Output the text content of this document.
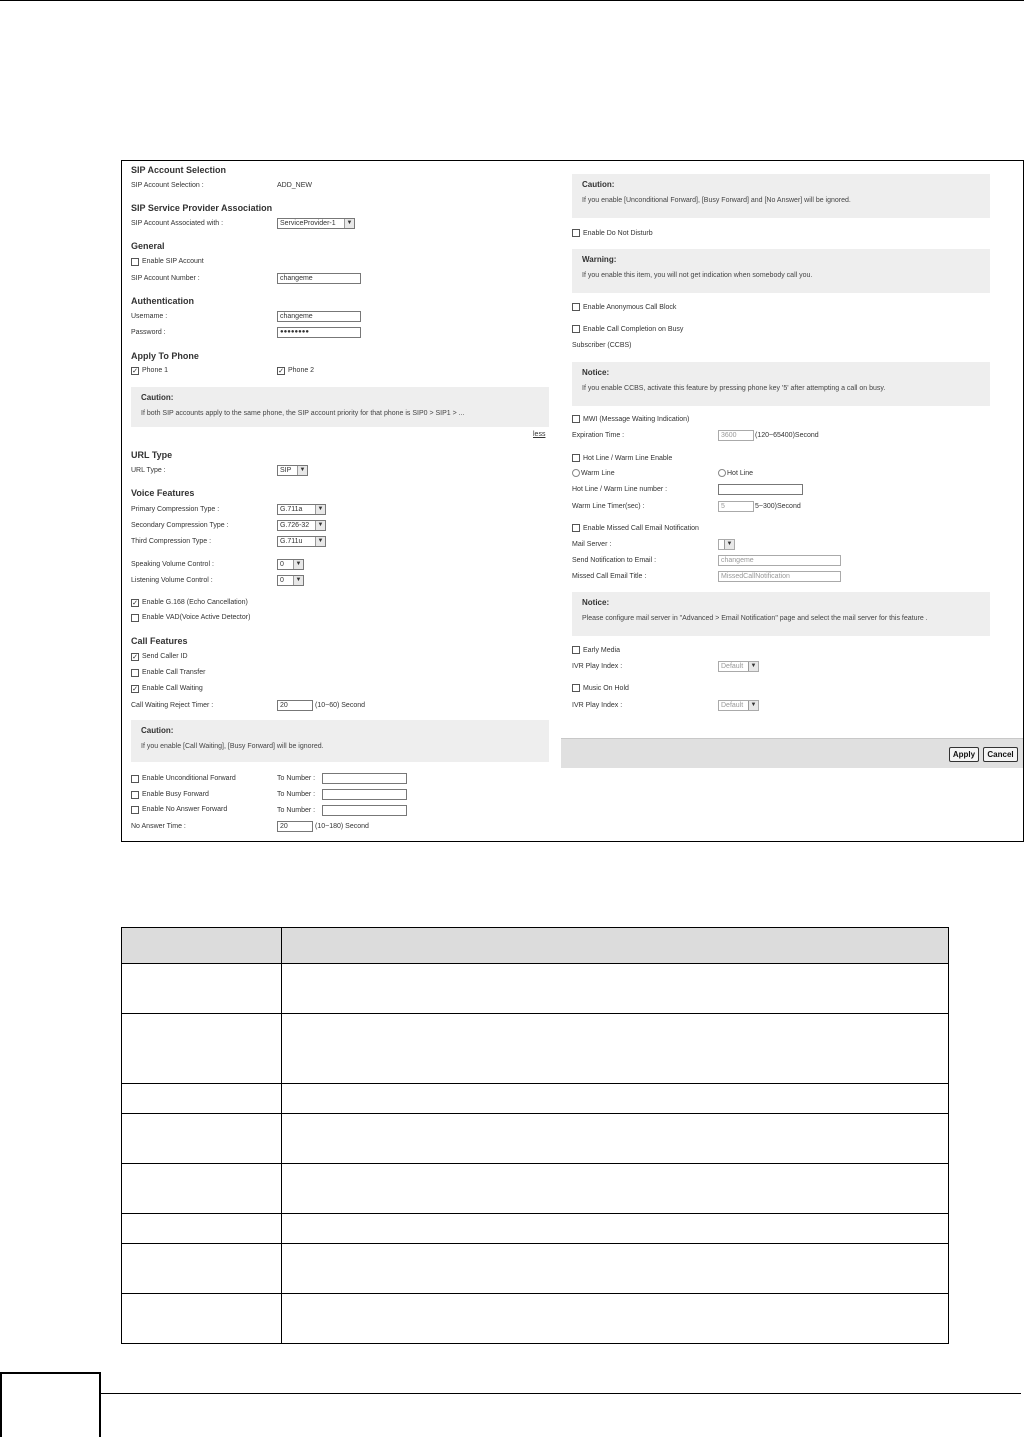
SIP Account Selection
SIP Account Selection :	ADD_NEW
SIP Service Provider Association
SIP Account Associated with :	ServiceProvider-1	▼
General
Enable SIP Account
SIP Account Number :	changeme
Authentication
Username :	changeme
Password :	●●●●●●●●
Apply To Phone
✓ Phone 1	✓ Phone 2
Caution:
If both SIP accounts apply to the same phone, the SIP account priority for that phone is SIP0 > SIP1 > ...
less
URL Type
URL Type :	SIP	▼
Voice Features
Primary Compression Type :	G.711a	▼
Secondary Compression Type :	G.726-32	▼
Third Compression Type :	G.711u	▼
Speaking Volume Control :	0	▼
Listening Volume Control :	0	▼
✓ Enable G.168 (Echo Cancellation)
Enable VAD(Voice Active Detector)
Call Features
✓ Send Caller ID
Enable Call Transfer
✓ Enable Call Waiting
Call Waiting Reject Timer :	20	(10~60) Second
Caution:
If you enable [Call Waiting], [Busy Forward] will be ignored.
Enable Unconditional Forward	To Number :
Enable Busy Forward	To Number :
Enable No Answer Forward	To Number :
No Answer Time :	20	(10~180) Second
Caution:
If you enable [Unconditional Forward], [Busy Forward] and [No Answer] will be ignored.
Enable Do Not Disturb
Warning:
If you enable this item, you will not get indication when somebody call you.
Enable Anonymous Call Block
Enable Call Completion on Busy
Subscriber (CCBS)
Notice:
If you enable CCBS, activate this feature by pressing phone key '5' after attempting a call on busy.
MWI (Message Waiting Indication)
Expiration Time :	3600	(120~65400)Second
Hot Line / Warm Line Enable
Warm Line	Hot Line
Hot Line / Warm Line number :
Warm Line Timer(sec) :	5	5~300)Second
Enable Missed Call Email Notification
Mail Server :	▼
Send Notification to Email :	changeme
Missed Call Email Title :	MissedCallNotification
Notice:
Please configure mail server in "Advanced > Email Notification" page and select the mail server for this feature .
Early Media
IVR Play Index :	Default	▼
Music On Hold
IVR Play Index :	Default	▼
Apply	Cancel
